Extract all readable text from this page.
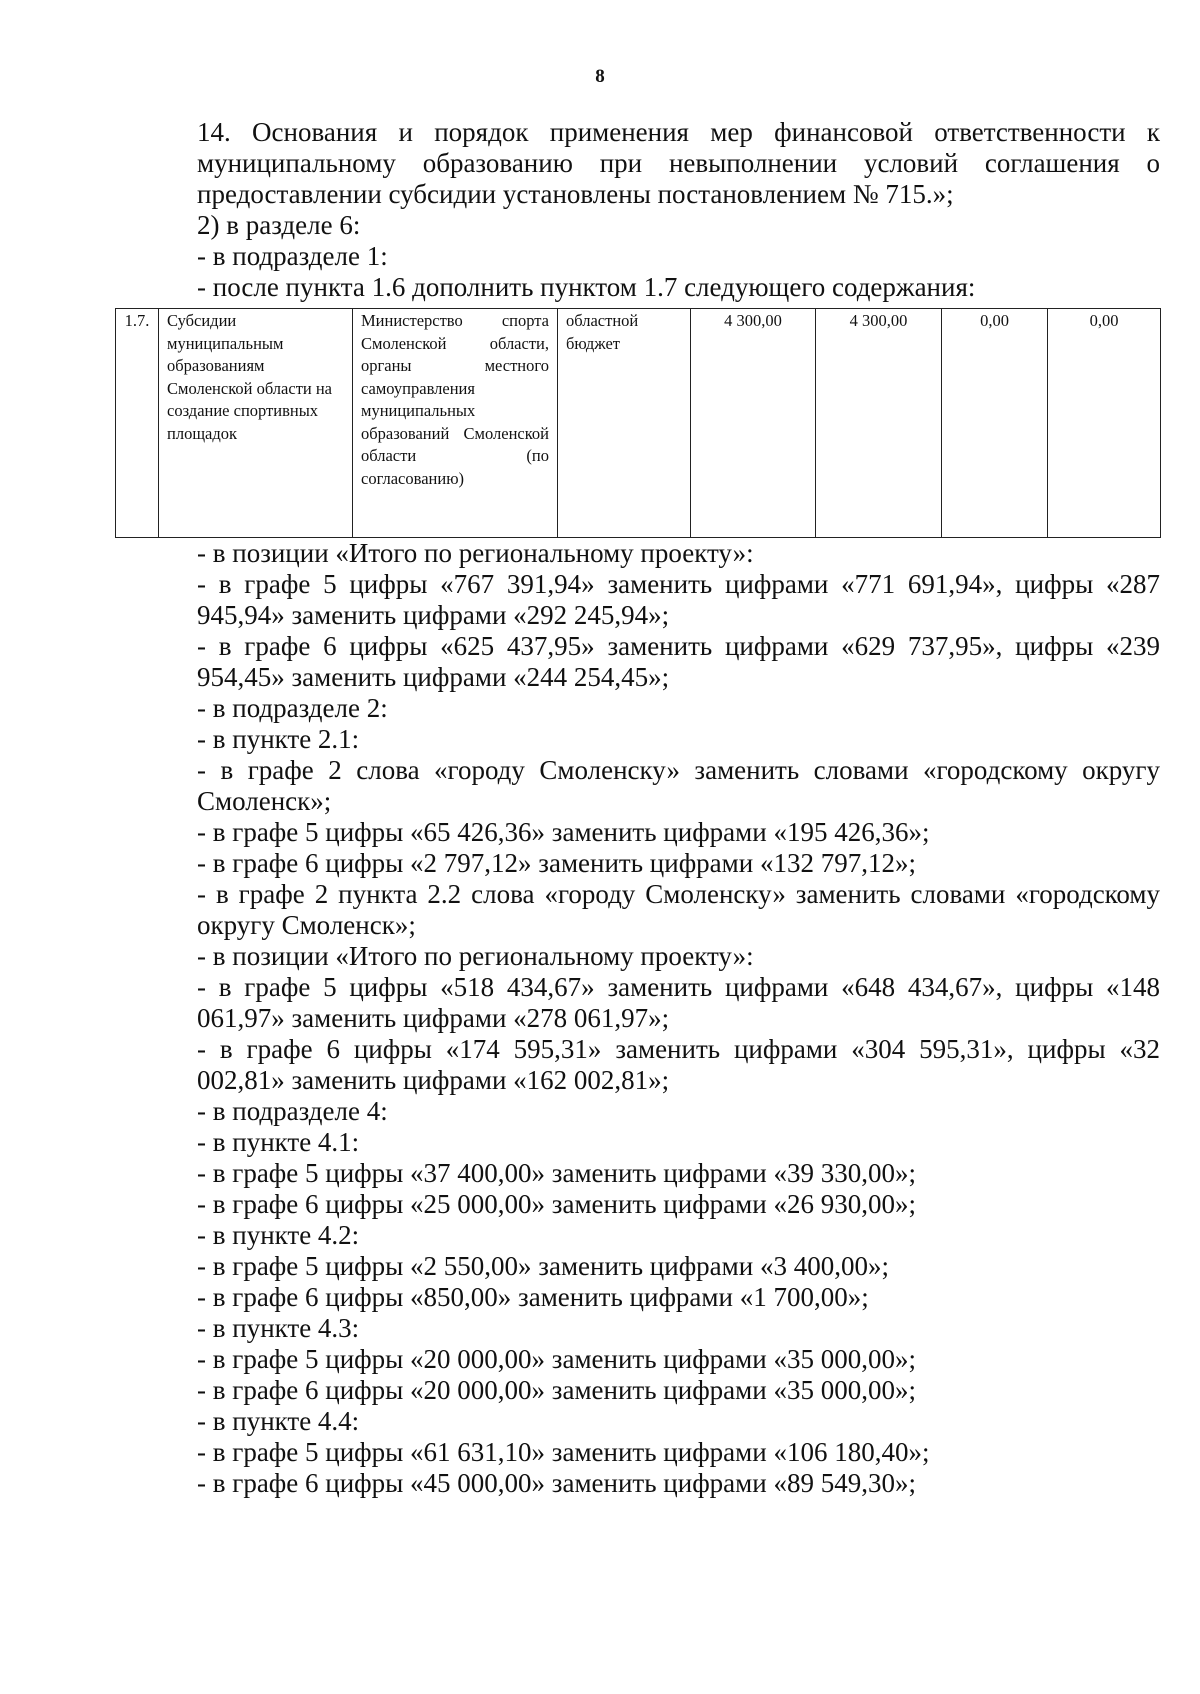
8

14. Основания и порядок применения мер финансовой ответственности к муниципальному образованию при невыполнении условий соглашения о предоставлении субсидии установлены постановлением № 715.»;

2) в разделе 6:

- в подразделе 1:

- после пункта 1.6 дополнить пунктом 1.7 следующего содержания:

1.7.	Субсидии муниципальным образованиям Смоленской области на создание спортивных площадок	Министерство спорта Смоленской области, органы местного самоуправления муниципальных образований Смоленской области (по согласованию)	областной бюджет	4 300,00	4 300,00	0,00	0,00

- в позиции «Итого по региональному проекту»:

- в графе 5 цифры «767 391,94» заменить цифрами «771 691,94», цифры «287 945,94» заменить цифрами «292 245,94»;

- в графе 6 цифры «625 437,95» заменить цифрами «629 737,95», цифры «239 954,45» заменить цифрами «244 254,45»;

- в подразделе 2:

- в пункте 2.1:

- в графе 2 слова «городу Смоленску» заменить словами «городскому округу Смоленск»;

- в графе 5 цифры «65 426,36» заменить цифрами «195 426,36»;

- в графе 6 цифры «2 797,12» заменить цифрами «132 797,12»;

- в графе 2 пункта 2.2 слова «городу Смоленску» заменить словами «городскому округу Смоленск»;

- в позиции «Итого по региональному проекту»:

- в графе 5 цифры «518 434,67» заменить цифрами «648 434,67», цифры «148 061,97» заменить цифрами «278 061,97»;

- в графе 6 цифры «174 595,31» заменить цифрами «304 595,31», цифры «32 002,81» заменить цифрами «162 002,81»;

- в подразделе 4:

- в пункте 4.1:

- в графе 5 цифры «37 400,00» заменить цифрами «39 330,00»;

- в графе 6 цифры «25 000,00» заменить цифрами «26 930,00»;

- в пункте 4.2:

- в графе 5 цифры «2 550,00» заменить цифрами «3 400,00»;

- в графе 6 цифры «850,00» заменить цифрами «1 700,00»;

- в пункте 4.3:

- в графе 5 цифры «20 000,00» заменить цифрами «35 000,00»;

- в графе 6 цифры «20 000,00» заменить цифрами «35 000,00»;

- в пункте 4.4:

- в графе 5 цифры «61 631,10» заменить цифрами «106 180,40»;

- в графе 6 цифры «45 000,00» заменить цифрами «89 549,30»;
